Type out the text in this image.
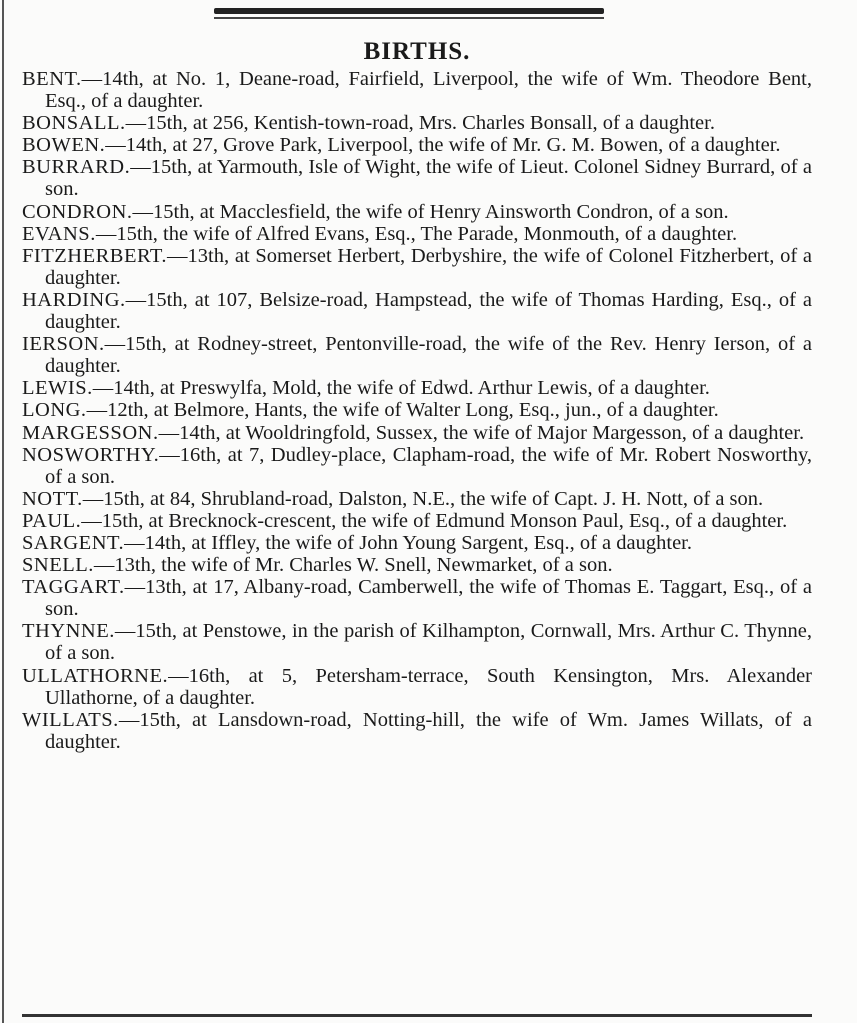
BIRTHS.

BENT.—14th, at No. 1, Deane-road, Fairfield, Liverpool, the wife of Wm. Theodore Bent, Esq., of a daughter.

BONSALL.—15th, at 256, Kentish-town-road, Mrs. Charles Bonsall, of a daughter.

BOWEN.—14th, at 27, Grove Park, Liverpool, the wife of Mr. G. M. Bowen, of a daughter.

BURRARD.—15th, at Yarmouth, Isle of Wight, the wife of Lieut. Colonel Sidney Burrard, of a son.

CONDRON.—15th, at Macclesfield, the wife of Henry Ainsworth Condron, of a son.

EVANS.—15th, the wife of Alfred Evans, Esq., The Parade, Monmouth, of a daughter.

FITZHERBERT.—13th, at Somerset Herbert, Derbyshire, the wife of Colonel Fitzherbert, of a daughter.

HARDING.—15th, at 107, Belsize-road, Hampstead, the wife of Thomas Harding, Esq., of a daughter.

IERSON.—15th, at Rodney-street, Pentonville-road, the wife of the Rev. Henry Ierson, of a daughter.

LEWIS.—14th, at Preswylfa, Mold, the wife of Edwd. Arthur Lewis, of a daughter.

LONG.—12th, at Belmore, Hants, the wife of Walter Long, Esq., jun., of a daughter.

MARGESSON.—14th, at Wooldringfold, Sussex, the wife of Major Margesson, of a daughter.

NOSWORTHY.—16th, at 7, Dudley-place, Clapham-road, the wife of Mr. Robert Nosworthy, of a son.

NOTT.—15th, at 84, Shrubland-road, Dalston, N.E., the wife of Capt. J. H. Nott, of a son.

PAUL.—15th, at Brecknock-crescent, the wife of Edmund Monson Paul, Esq., of a daughter.

SARGENT.—14th, at Iffley, the wife of John Young Sargent, Esq., of a daughter.

SNELL.—13th, the wife of Mr. Charles W. Snell, Newmarket, of a son.

TAGGART.—13th, at 17, Albany-road, Camberwell, the wife of Thomas E. Taggart, Esq., of a son.

THYNNE.—15th, at Penstowe, in the parish of Kilhampton, Cornwall, Mrs. Arthur C. Thynne, of a son.

ULLATHORNE.—16th, at 5, Petersham-terrace, South Kensington, Mrs. Alexander Ullathorne, of a daughter.

WILLATS.—15th, at Lansdown-road, Notting-hill, the wife of Wm. James Willats, of a daughter.
